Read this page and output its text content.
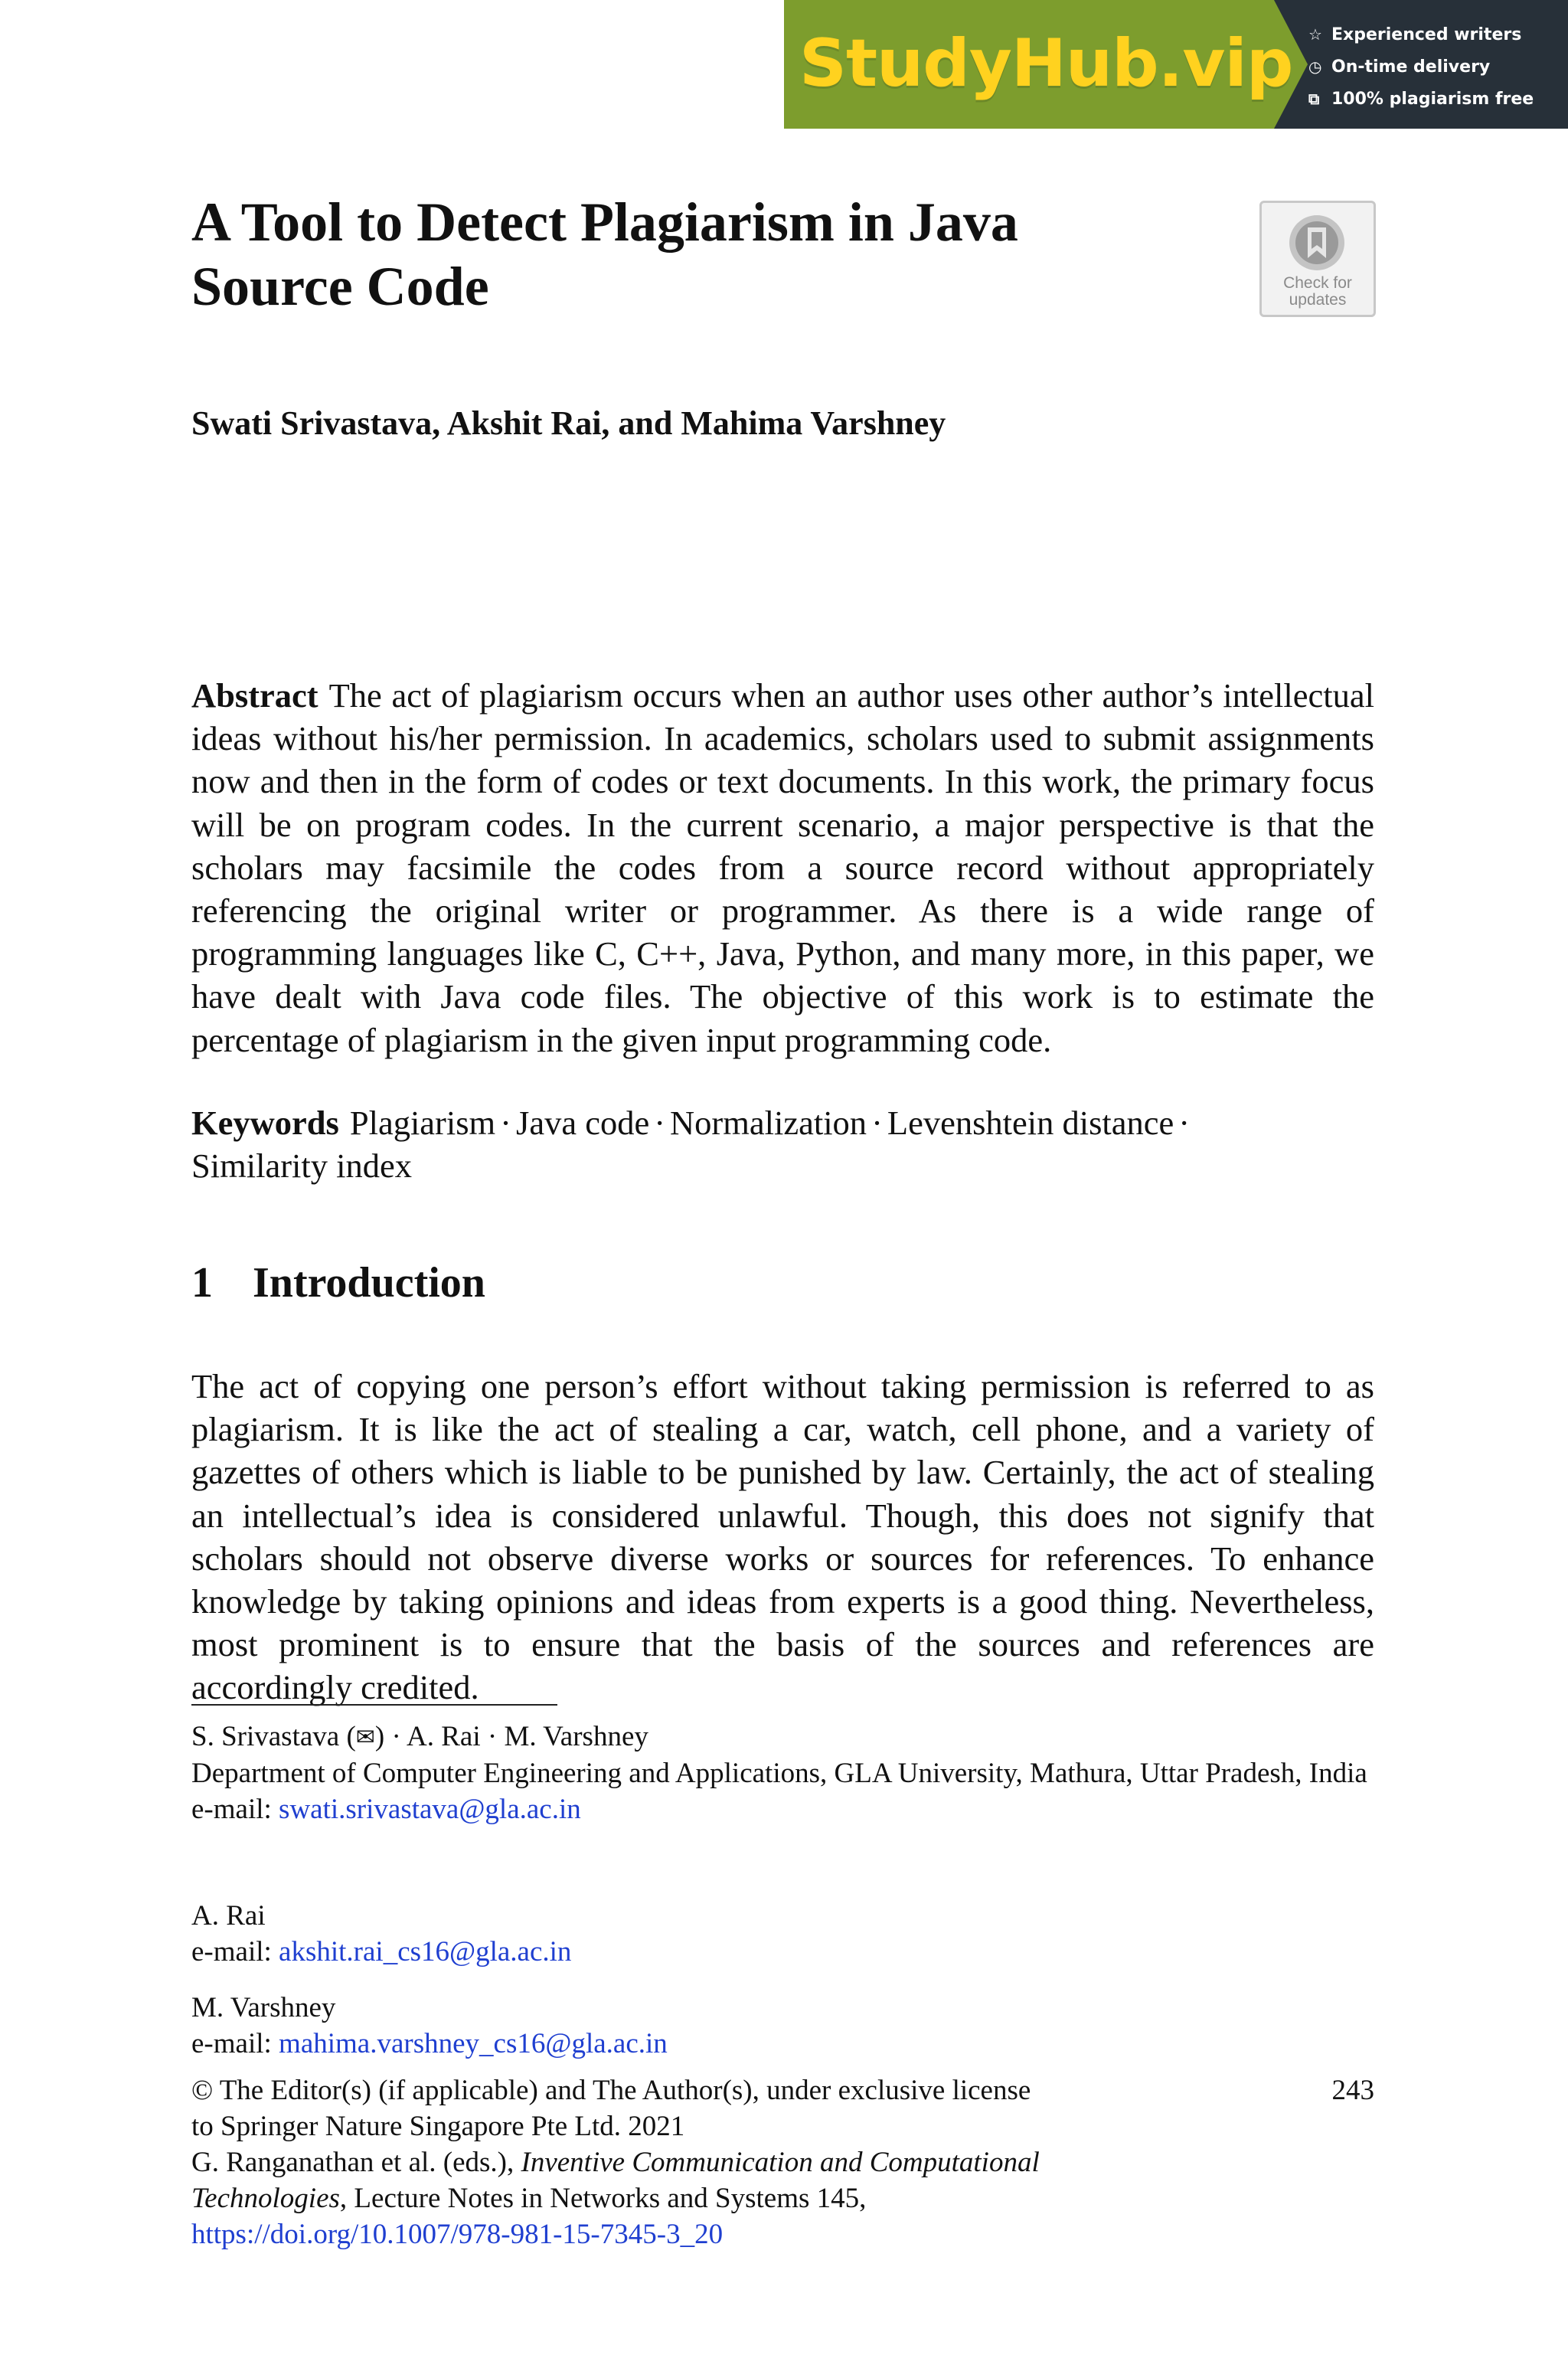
StudyHub.vip ☆ Experienced writers
◷ On-time delivery
⧉ 100% plagiarism free
A Tool to Detect Plagiarism in Java
Source Code	Check for
updates
Swati Srivastava, Akshit Rai, and Mahima Varshney

Abstract The act of plagiarism occurs when an author uses other author’s intellectual ideas without his/her permission. In academics, scholars used to submit assignments now and then in the form of codes or text documents. In this work, the primary focus will be on program codes. In the current scenario, a major perspective is that the scholars may facsimile the codes from a source record without appropriately referencing the original writer or programmer. As there is a wide range of programming languages like C, C++, Java, Python, and many more, in this paper, we have dealt with Java code files. The objective of this work is to estimate the percentage of plagiarism in the given input programming code.

Keywords Plagiarism · Java code · Normalization · Levenshtein distance ·
Similarity index

1 Introduction

The act of copying one person’s effort without taking permission is referred to as plagiarism. It is like the act of stealing a car, watch, cell phone, and a variety of gazettes of others which is liable to be punished by law. Certainly, the act of stealing an intellectual’s idea is considered unlawful. Though, this does not signify that scholars should not observe diverse works or sources for references. To enhance knowledge by taking opinions and ideas from experts is a good thing. Nevertheless, most prominent is to ensure that the basis of the sources and references are accordingly credited.

S. Srivastava (✉) · A. Rai · M. Varshney
Department of Computer Engineering and Applications, GLA University, Mathura, Uttar Pradesh, India
e-mail: swati.srivastava@gla.ac.in
A. Rai
e-mail: akshit.rai_cs16@gla.ac.in
M. Varshney
e-mail: mahima.varshney_cs16@gla.ac.in
© The Editor(s) (if applicable) and The Author(s), under exclusive license
to Springer Nature Singapore Pte Ltd. 2021
G. Ranganathan et al. (eds.), Inventive Communication and Computational
Technologies, Lecture Notes in Networks and Systems 145,
https://doi.org/10.1007/978-981-15-7345-3_20
243
